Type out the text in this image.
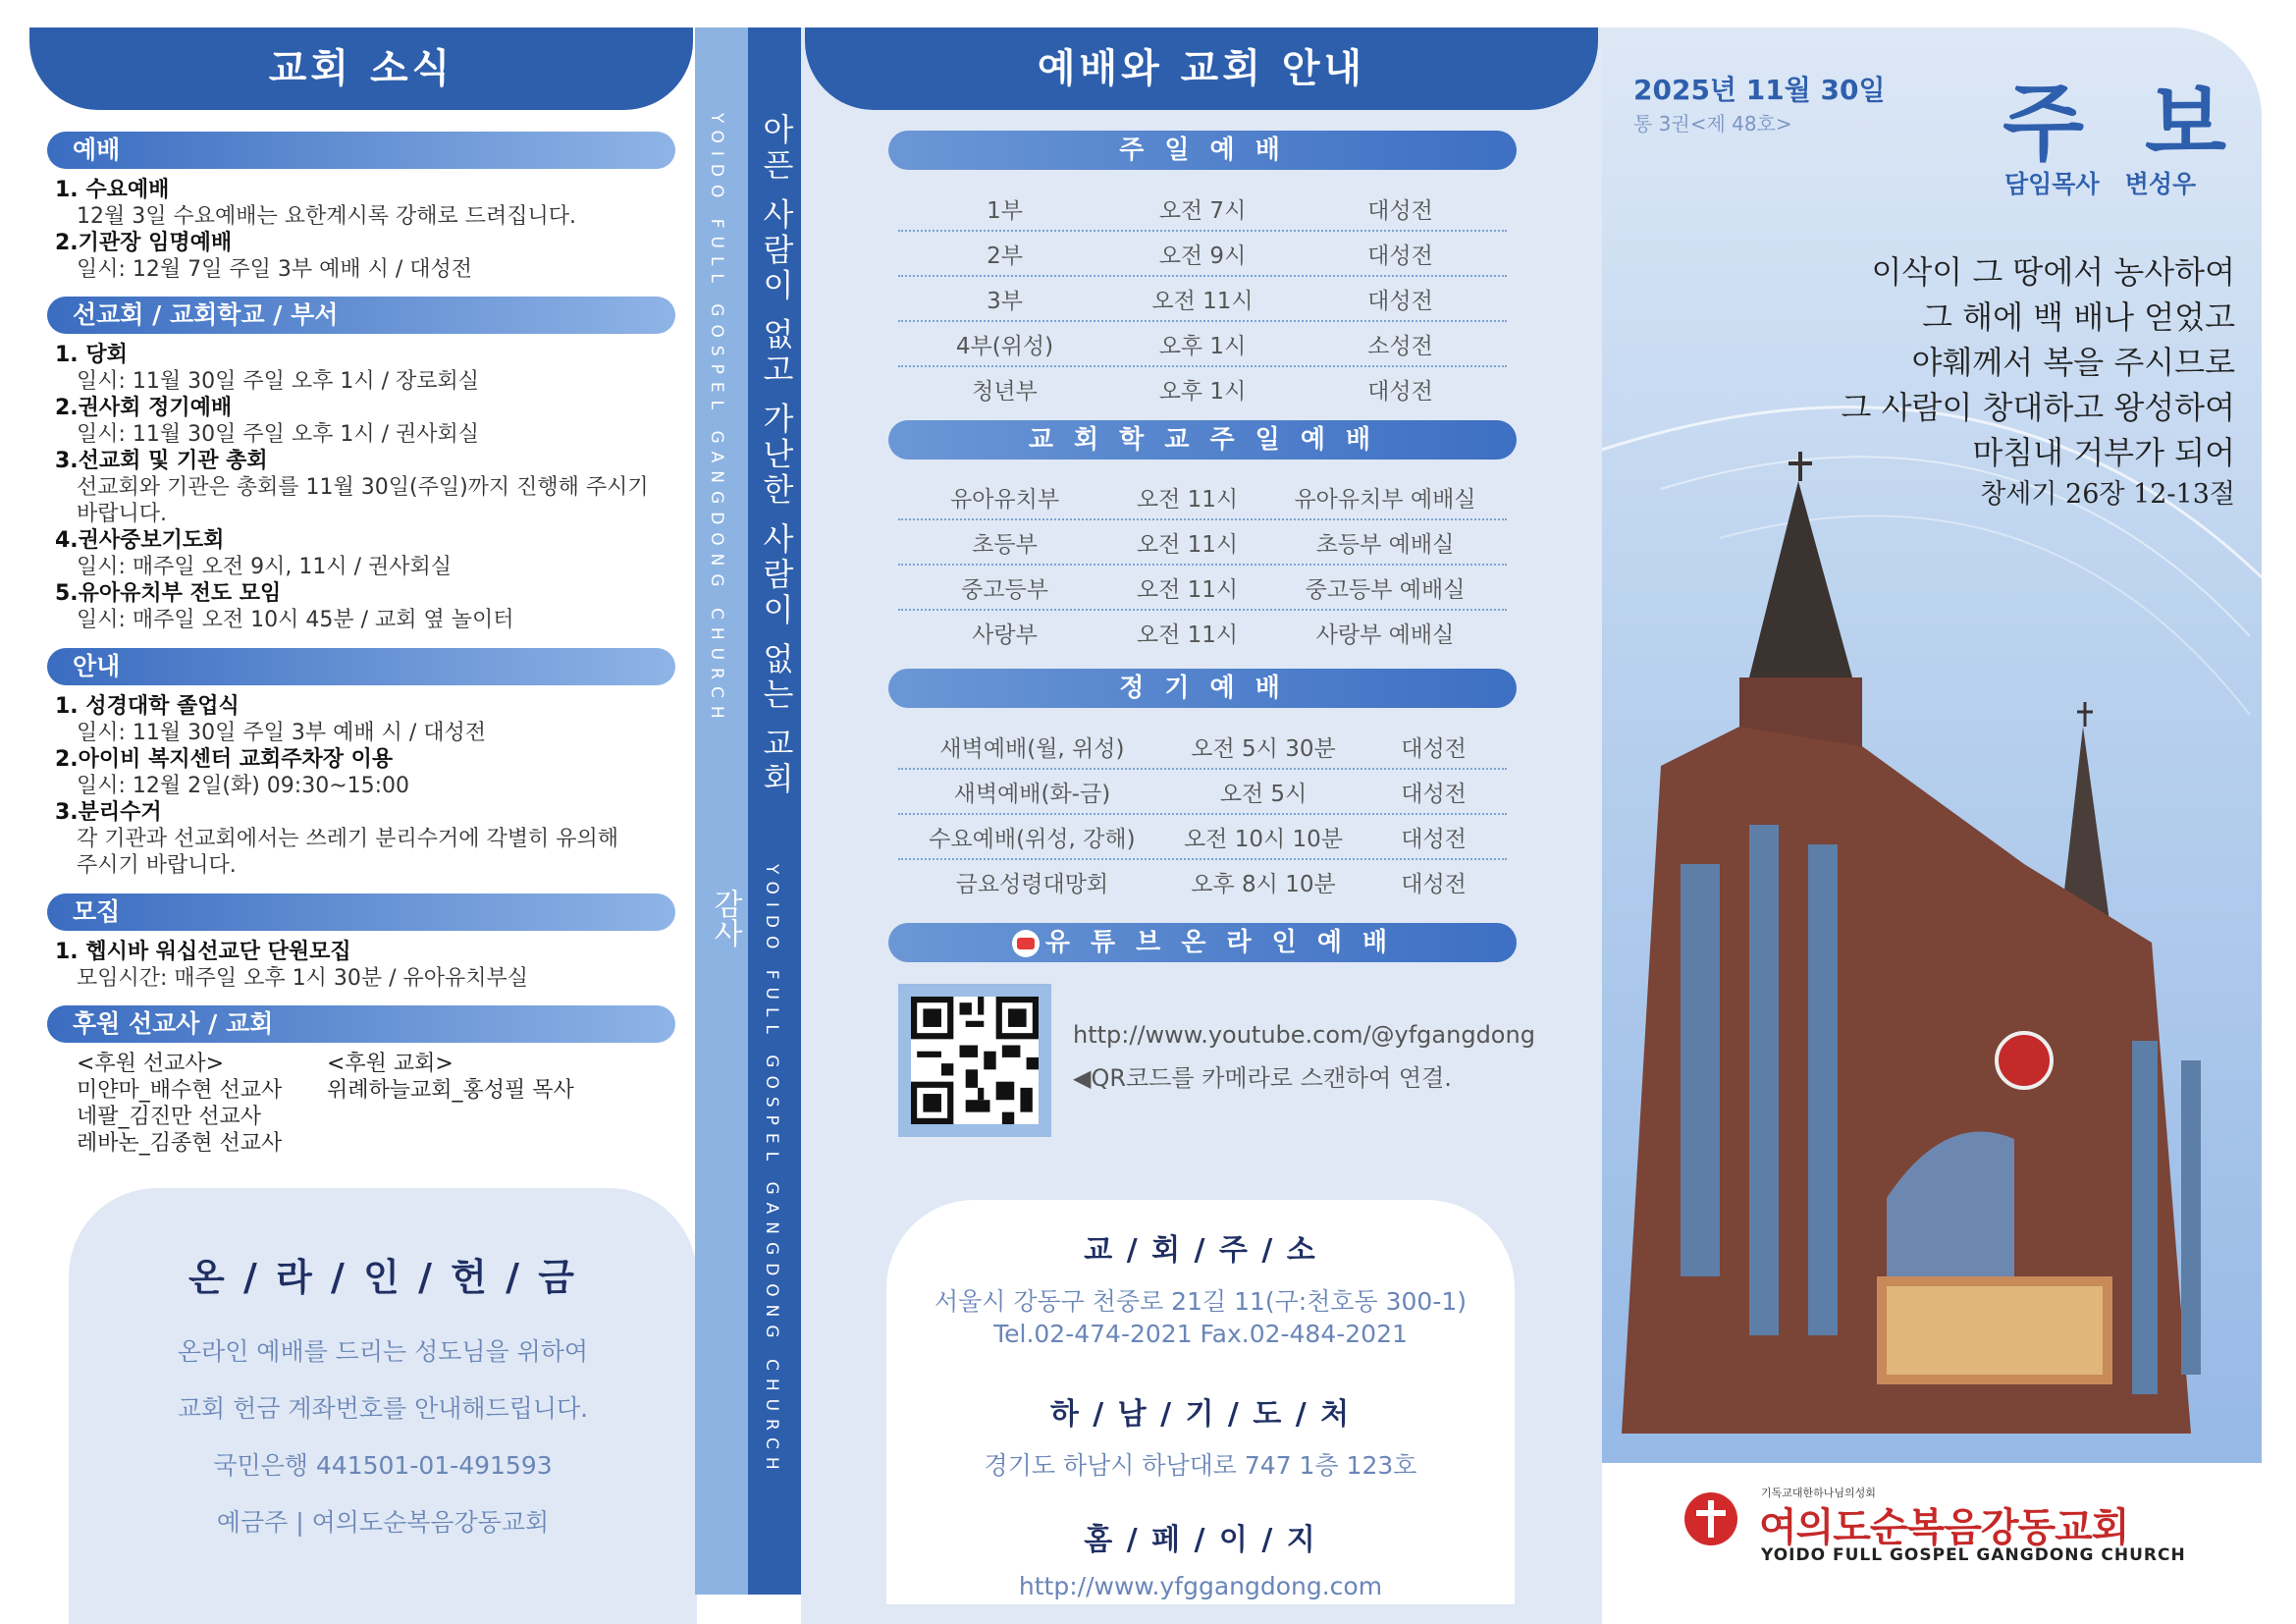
교회 소식
예배
1. 수요예배
12월 3일 수요예배는 요한계시록 강해로 드려집니다.
2.기관장 임명예배
일시: 12월 7일 주일 3부 예배 시 / 대성전
선교회 / 교회학교 / 부서
1. 당회
일시: 11월 30일 주일 오후 1시 / 장로회실
2.권사회 정기예배
일시: 11월 30일 주일 오후 1시 / 권사회실
3.선교회 및 기관 총회
선교회와 기관은 총회를 11월 30일(주일)까지 진행해 주시기
바랍니다.
4.권사중보기도회
일시: 매주일 오전 9시, 11시 / 권사회실
5.유아유치부 전도 모임
일시: 매주일 오전 10시 45분 / 교회 옆 놀이터
안내
1. 성경대학 졸업식
일시: 11월 30일 주일 3부 예배 시 / 대성전
2.아이비 복지센터 교회주차장 이용
일시: 12월 2일(화) 09:30~15:00
3.분리수거
각 기관과 선교회에서는 쓰레기 분리수거에 각별히 유의해
주시기 바랍니다.
모집
1. 헵시바 워십선교단 단원모집
모임시간: 매주일 오후 1시 30분 / 유아유치부실
후원 선교사 / 교회
<후원 선교사>
미얀마_배수현 선교사
네팔_김진만 선교사
레바논_김종현 선교사
<후원 교회>
위례하늘교회_홍성필 목사
온 / 라 / 인 / 헌 / 금
온라인 예배를 드리는 성도님을 위하여
교회 헌금 계좌번호를 안내해드립니다.
국민은행 441501-01-491593
예금주 | 여의도순복음강동교회
YOIDO FULL GOSPEL GANGDONG CHURCH
감사
아픈 사람이 없고 가난한 사람이 없는 교회
YOIDO FULL GOSPEL GANGDONG CHURCH
예배와 교회 안내
주 일 예 배
1부	오전 7시	대성전
2부	오전 9시	대성전
3부	오전 11시	대성전
4부(위성)	오후 1시	소성전
청년부	오후 1시	대성전
교 회 학 교 주 일 예 배
유아유치부	오전 11시	유아유치부 예배실
초등부	오전 11시	초등부 예배실
중고등부	오전 11시	중고등부 예배실
사랑부	오전 11시	사랑부 예배실
정 기 예 배
새벽예배(월, 위성)	오전 5시 30분	대성전
새벽예배(화-금)	오전 5시	대성전
수요예배(위성, 강해)	오전 10시 10분	대성전
금요성령대망회	오후 8시 10분	대성전
유 튜 브 온 라 인 예 배
http://www.youtube.com/@yfgangdong
◀QR코드를 카메라로 스캔하여 연결.
교 / 회 / 주 / 소
서울시 강동구 천중로 21길 11(구:천호동 300-1)
Tel.02-474-2021 Fax.02-484-2021
하 / 남 / 기 / 도 / 처
경기도 하남시 하남대로 747 1층 123호
홈 / 페 / 이 / 지
http://www.yfggangdong.com
2025년 11월 30일
통 3권<제 48호> 주 보
담임목사   변성우
이삭이 그 땅에서 농사하여
그 해에 백 배나 얻었고
야훼께서 복을 주시므로
그 사람이 창대하고 왕성하여
마침내 거부가 되어
창세기 26장 12-13절
기독교대한하나님의성회
여의도순복음강동교회
YOIDO FULL GOSPEL GANGDONG CHURCH
